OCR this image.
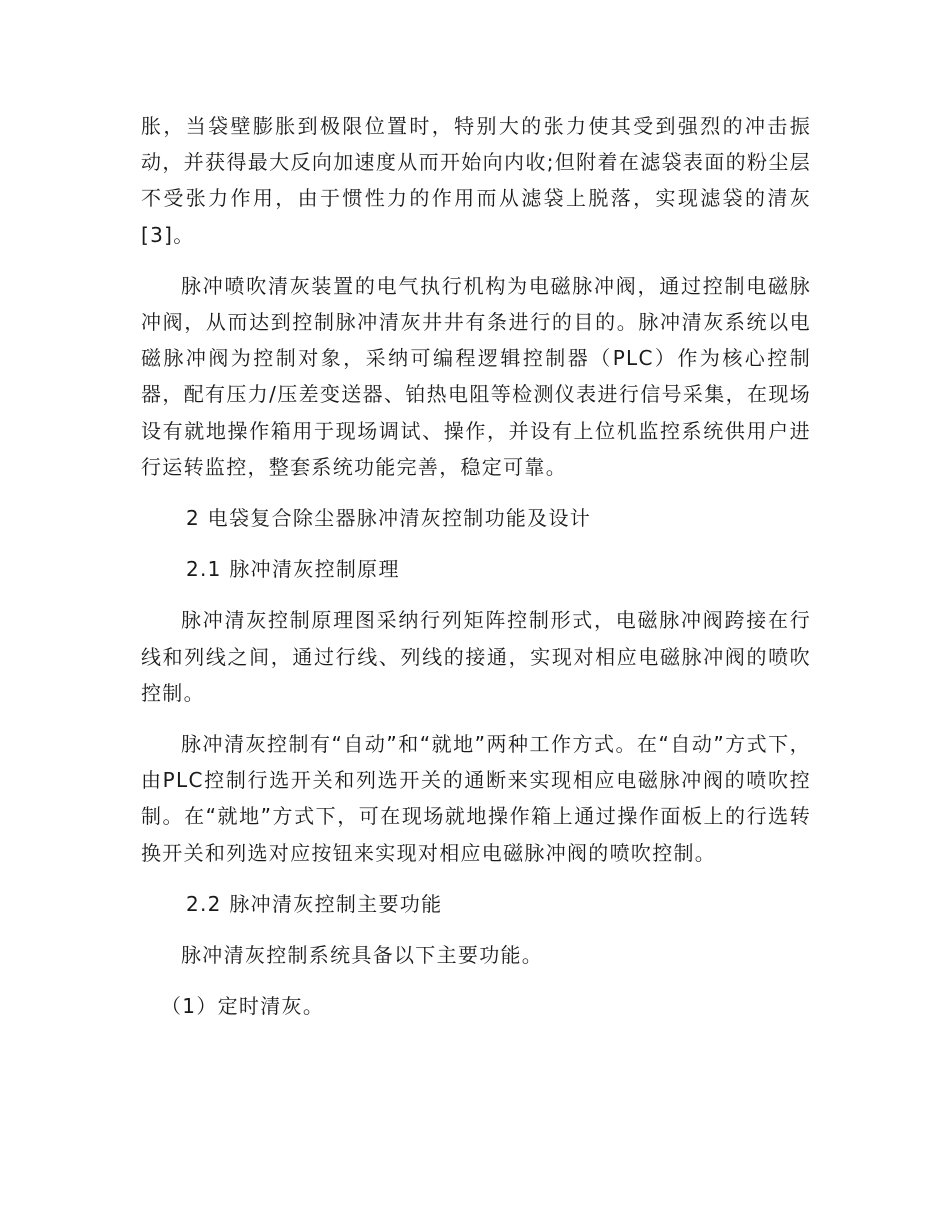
胀，当袋壁膨胀到极限位置时，特别大的张力使其受到强烈的冲击振动，并获得最大反向加速度从而开始向内收;但附着在滤袋表面的粉尘层不受张力作用，由于惯性力的作用而从滤袋上脱落，实现滤袋的清灰[3]。

脉冲喷吹清灰装置的电气执行机构为电磁脉冲阀，通过控制电磁脉冲阀，从而达到控制脉冲清灰井井有条进行的目的。脉冲清灰系统以电磁脉冲阀为控制对象，采纳可编程逻辑控制器（PLC）作为核心控制器，配有压力/压差变送器、铂热电阻等检测仪表进行信号采集，在现场设有就地操作箱用于现场调试、操作，并设有上位机监控系统供用户进行运转监控，整套系统功能完善，稳定可靠。

2 电袋复合除尘器脉冲清灰控制功能及设计

2.1 脉冲清灰控制原理

脉冲清灰控制原理图采纳行列矩阵控制形式，电磁脉冲阀跨接在行线和列线之间，通过行线、列线的接通，实现对相应电磁脉冲阀的喷吹控制。

脉冲清灰控制有“自动”和“就地”两种工作方式。在“自动”方式下，由PLC控制行选开关和列选开关的通断来实现相应电磁脉冲阀的喷吹控制。在“就地”方式下，可在现场就地操作箱上通过操作面板上的行选转换开关和列选对应按钮来实现对相应电磁脉冲阀的喷吹控制。

2.2 脉冲清灰控制主要功能

脉冲清灰控制系统具备以下主要功能。

（1）定时清灰。
